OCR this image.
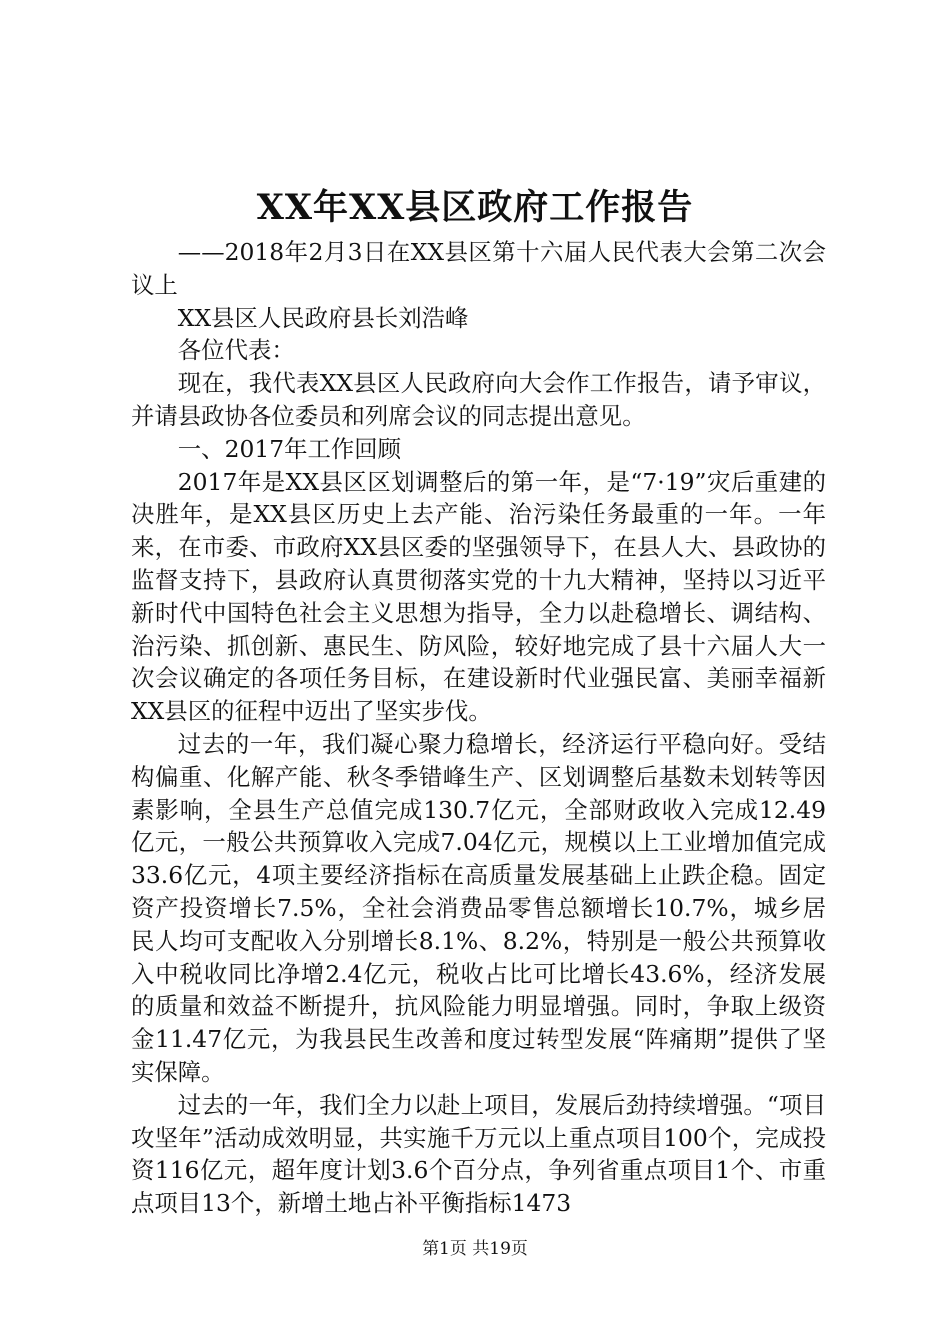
XX年XX县区政府工作报告

——2018年2月3日在XX县区第十六届人民代表大会第二次会议上

XX县区人民政府县长刘浩峰

各位代表：

现在，我代表XX县区人民政府向大会作工作报告，请予审议，并请县政协各位委员和列席会议的同志提出意见。

一、2017年工作回顾

2017年是XX县区区划调整后的第一年，是“7·19”灾后重建的决胜年，是XX县区历史上去产能、治污染任务最重的一年。一年来，在市委、市政府XX县区委的坚强领导下，在县人大、县政协的监督支持下，县政府认真贯彻落实党的十九大精神，坚持以习近平新时代中国特色社会主义思想为指导，全力以赴稳增长、调结构、治污染、抓创新、惠民生、防风险，较好地完成了县十六届人大一次会议确定的各项任务目标，在建设新时代业强民富、美丽幸福新XX县区的征程中迈出了坚实步伐。

过去的一年，我们凝心聚力稳增长，经济运行平稳向好。受结构偏重、化解产能、秋冬季错峰生产、区划调整后基数未划转等因素影响，全县生产总值完成130.7亿元，全部财政收入完成12.49亿元，一般公共预算收入完成7.04亿元，规模以上工业增加值完成33.6亿元，4项主要经济指标在高质量发展基础上止跌企稳。固定资产投资增长7.5%，全社会消费品零售总额增长10.7%，城乡居民人均可支配收入分别增长8.1%、8.2%，特别是一般公共预算收入中税收同比净增2.4亿元，税收占比可比增长43.6%，经济发展的质量和效益不断提升，抗风险能力明显增强。同时，争取上级资金11.47亿元，为我县民生改善和度过转型发展“阵痛期”提供了坚实保障。

过去的一年，我们全力以赴上项目，发展后劲持续增强。“项目攻坚年”活动成效明显，共实施千万元以上重点项目100个，完成投资116亿元，超年度计划3.6个百分点，争列省重点项目1个、市重点项目13个，新增土地占补平衡指标1473

第1页 共19页
